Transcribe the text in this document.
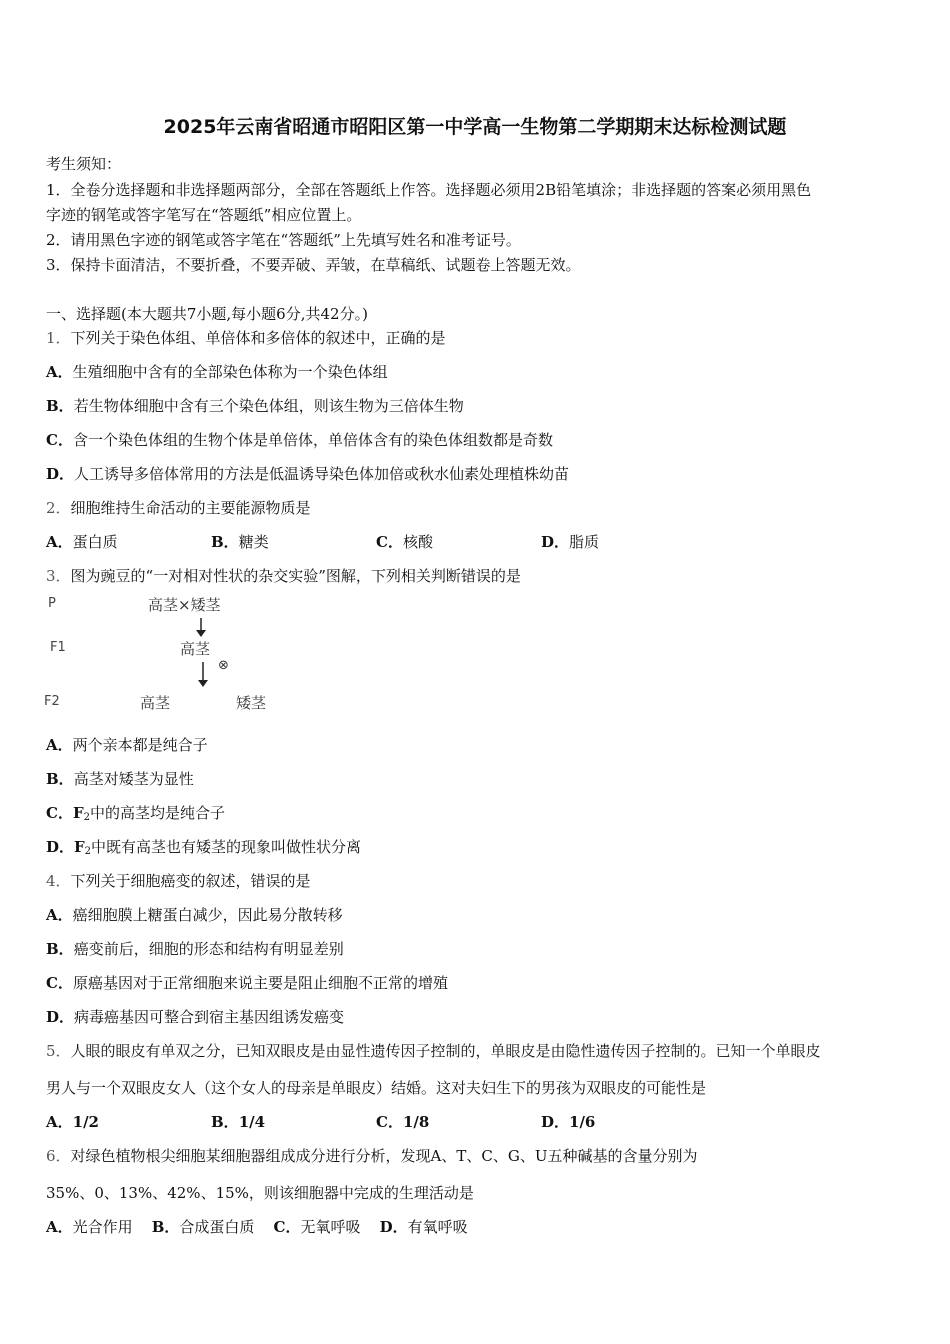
2025年云南省昭通市昭阳区第一中学高一生物第二学期期末达标检测试题
考生须知：
1．全卷分选择题和非选择题两部分，全部在答题纸上作答。选择题必须用2B铅笔填涂；非选择题的答案必须用黑色
字迹的钢笔或答字笔写在“答题纸”相应位置上。
2．请用黑色字迹的钢笔或答字笔在“答题纸”上先填写姓名和准考证号。
3．保持卡面清洁，不要折叠，不要弄破、弄皱，在草稿纸、试题卷上答题无效。
一、选择题(本大题共7小题,每小题6分,共42分。)
1．下列关于染色体组、单倍体和多倍体的叙述中，正确的是
A．生殖细胞中含有的全部染色体称为一个染色体组
B．若生物体细胞中含有三个染色体组，则该生物为三倍体生物
C．含一个染色体组的生物个体是单倍体，单倍体含有的染色体组数都是奇数
D．人工诱导多倍体常用的方法是低温诱导染色体加倍或秋水仙素处理植株幼苗
2．细胞维持生命活动的主要能源物质是
A．蛋白质	B．糖类	C．核酸	D．脂质
3．图为豌豆的“一对相对性状的杂交实验”图解，下列相关判断错误的是
P	高茎×矮茎
F1	高茎
⊗
F2	高茎	矮茎
A．两个亲本都是纯合子
B．高茎对矮茎为显性
C．$F_2$中的高茎均是纯合子
D．$F_2$中既有高茎也有矮茎的现象叫做性状分离
4．下列关于细胞癌变的叙述，错误的是
A．癌细胞膜上糖蛋白减少，因此易分散转移
B．癌变前后，细胞的形态和结构有明显差别
C．原癌基因对于正常细胞来说主要是阻止细胞不正常的增殖
D．病毒癌基因可整合到宿主基因组诱发癌变
5．人眼的眼皮有单双之分，已知双眼皮是由显性遗传因子控制的，单眼皮是由隐性遗传因子控制的。已知一个单眼皮
男人与一个双眼皮女人（这个女人的母亲是单眼皮）结婚。这对夫妇生下的男孩为双眼皮的可能性是
A．1/2	B．1/4	C．1/8	D．1/6
6．对绿色植物根尖细胞某细胞器组成成分进行分析，发现A、T、C、G、U五种碱基的含量分别为
35%、0、13%、42%、15%，则该细胞器中完成的生理活动是
A．光合作用 B．合成蛋白质 C．无氧呼吸 D．有氧呼吸
